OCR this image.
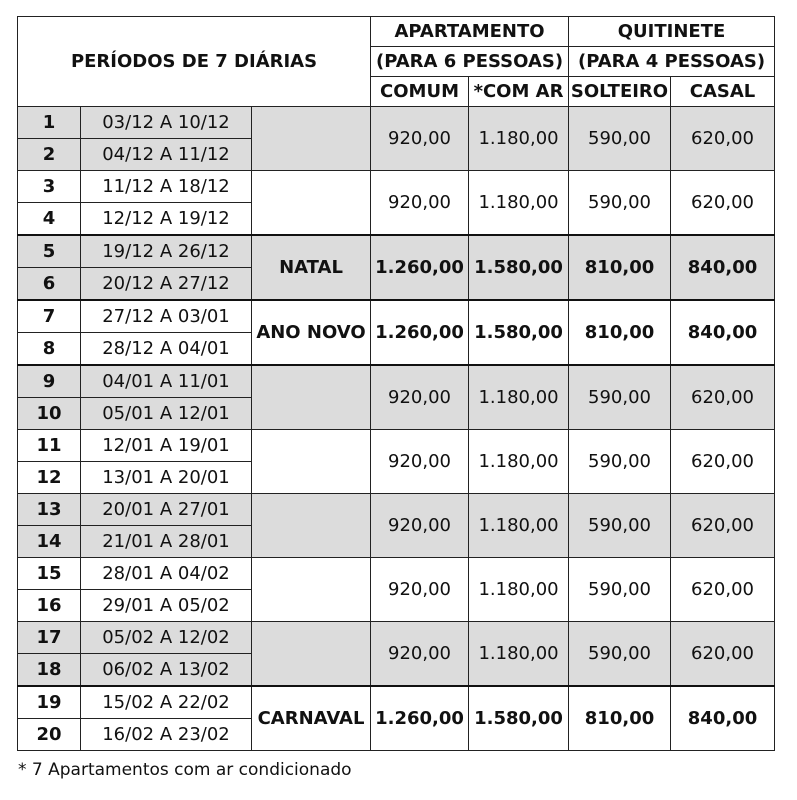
PERÍODOS DE 7 DIÁRIAS			APARTAMENTO		QUITINETE	
			(PARA 6 PESSOAS)		(PARA 4 PESSOAS)	
			COMUM	*COM AR	SOLTEIRO	CASAL
1	03/12 A 10/12		920,00	1.180,00	590,00	620,00
2	04/12 A 11/12					
3	11/12 A 18/12		920,00	1.180,00	590,00	620,00
4	12/12 A 19/12					
5	19/12 A 26/12	NATAL	1.260,00	1.580,00	810,00	840,00
6	20/12 A 27/12					
7	27/12 A 03/01	ANO NOVO	1.260,00	1.580,00	810,00	840,00
8	28/12 A 04/01					
9	04/01 A 11/01		920,00	1.180,00	590,00	620,00
10	05/01 A 12/01					
11	12/01 A 19/01		920,00	1.180,00	590,00	620,00
12	13/01 A 20/01					
13	20/01 A 27/01		920,00	1.180,00	590,00	620,00
14	21/01 A 28/01					
15	28/01 A 04/02		920,00	1.180,00	590,00	620,00
16	29/01 A 05/02					
17	05/02 A 12/02		920,00	1.180,00	590,00	620,00
18	06/02 A 13/02					
19	15/02 A 22/02	CARNAVAL	1.260,00	1.580,00	810,00	840,00
20	16/02 A 23/02					
* 7 Apartamentos com ar condicionado
